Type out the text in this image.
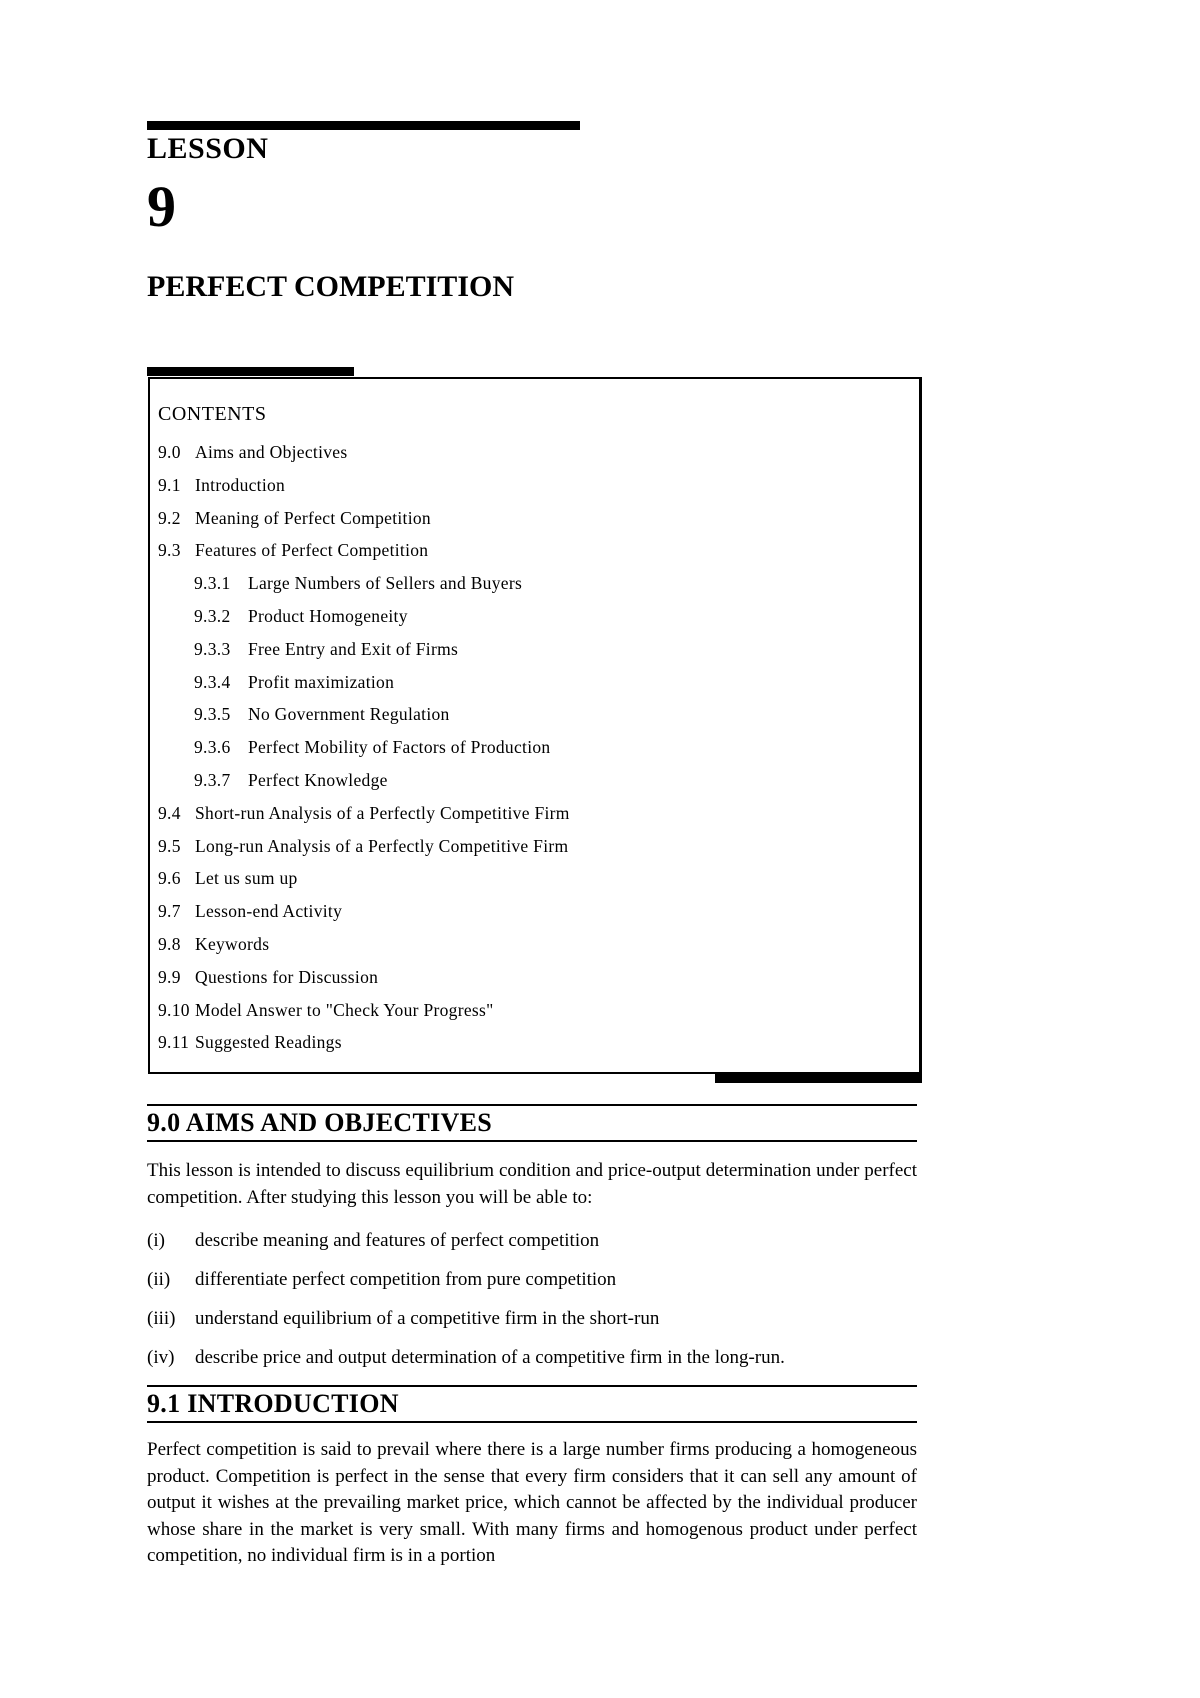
LESSON
9
PERFECT COMPETITION
CONTENTS
9.0 Aims and Objectives
9.1 Introduction
9.2 Meaning of Perfect Competition
9.3 Features of Perfect Competition
9.3.1 Large Numbers of Sellers and Buyers
9.3.2 Product Homogeneity
9.3.3 Free Entry and Exit of Firms
9.3.4 Profit maximization
9.3.5 No Government Regulation
9.3.6 Perfect Mobility of Factors of Production
9.3.7 Perfect Knowledge
9.4 Short-run Analysis of a Perfectly Competitive Firm
9.5 Long-run Analysis of a Perfectly Competitive Firm
9.6 Let us sum up
9.7 Lesson-end Activity
9.8 Keywords
9.9 Questions for Discussion
9.10 Model Answer to "Check Your Progress"
9.11 Suggested Readings
9.0 AIMS AND OBJECTIVES

This lesson is intended to discuss equilibrium condition and price-output determination under perfect competition. After studying this lesson you will be able to:

(i) describe meaning and features of perfect competition
(ii) differentiate perfect competition from pure competition
(iii) understand equilibrium of a competitive firm in the short-run
(iv) describe price and output determination of a competitive firm in the long-run.
9.1 INTRODUCTION

Perfect competition is said to prevail where there is a large number firms producing a homogeneous product. Competition is perfect in the sense that every firm considers that it can sell any amount of output it wishes at the prevailing market price, which cannot be affected by the individual producer whose share in the market is very small. With many firms and homogenous product under perfect competition, no individual firm is in a portion
